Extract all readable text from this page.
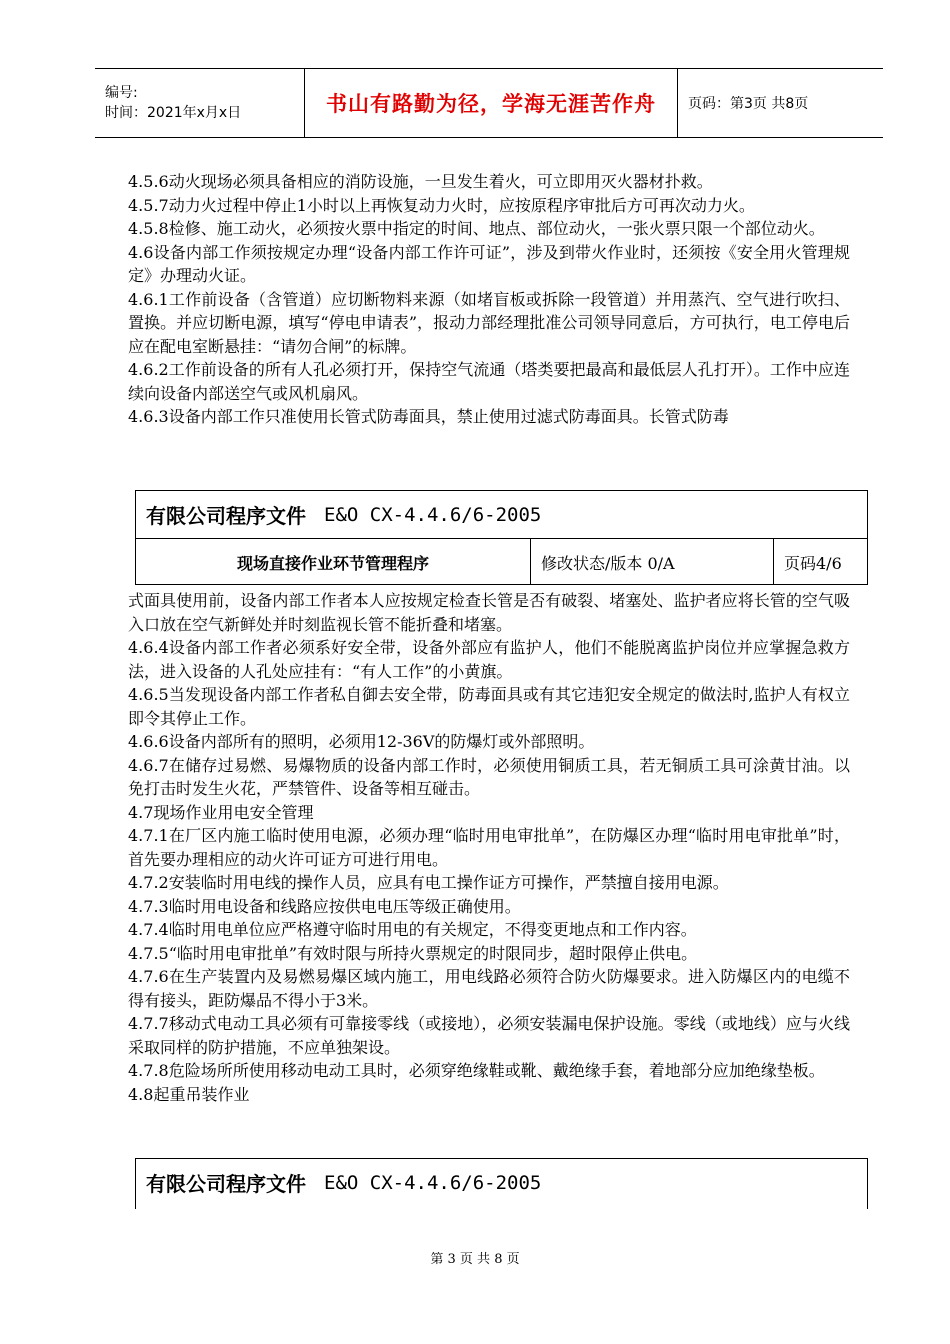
编号:
时间：2021年x月x日	书山有路勤为径，学海无涯苦作舟	页码：第3页 共8页

4.5.6动火现场必须具备相应的消防设施，一旦发生着火，可立即用灭火器材扑救。

4.5.7动力火过程中停止1小时以上再恢复动力火时，应按原程序审批后方可再次动力火。

4.5.8检修、施工动火，必须按火票中指定的时间、地点、部位动火，一张火票只限一个部位动火。

4.6设备内部工作须按规定办理“设备内部工作许可证”，涉及到带火作业时，还须按《安全用火管理规定》办理动火证。

4.6.1工作前设备（含管道）应切断物料来源（如堵盲板或拆除一段管道）并用蒸汽、空气进行吹扫、置换。并应切断电源，填写“停电申请表”，报动力部经理批准公司领导同意后，方可执行，电工停电后应在配电室断悬挂：“请勿合闸”的标牌。

4.6.2工作前设备的所有人孔必须打开，保持空气流通（塔类要把最高和最低层人孔打开）。工作中应连续向设备内部送空气或风机扇风。

4.6.3设备内部工作只准使用长管式防毒面具，禁止使用过滤式防毒面具。长管式防毒

有限公司程序文件 E&O CX-4.4.6/6-2005
现场直接作业环节管理程序	修改状态/版本 0/A	页码4/6

式面具使用前，设备内部工作者本人应按规定检查长管是否有破裂、堵塞处、监护者应将长管的空气吸入口放在空气新鲜处并时刻监视长管不能折叠和堵塞。

4.6.4设备内部工作者必须系好安全带，设备外部应有监护人，他们不能脱离监护岗位并应掌握急救方法，进入设备的人孔处应挂有：“有人工作”的小黄旗。

4.6.5当发现设备内部工作者私自御去安全带，防毒面具或有其它违犯安全规定的做法时,监护人有权立即令其停止工作。

4.6.6设备内部所有的照明，必须用12-36V的防爆灯或外部照明。

4.6.7在储存过易燃、易爆物质的设备内部工作时，必须使用铜质工具，若无铜质工具可涂黄甘油。以免打击时发生火花，严禁管件、设备等相互碰击。

4.7现场作业用电安全管理

4.7.1在厂区内施工临时使用电源，必须办理“临时用电审批单”，在防爆区办理“临时用电审批单”时，首先要办理相应的动火许可证方可进行用电。

4.7.2安装临时用电线的操作人员，应具有电工操作证方可操作，严禁擅自接用电源。

4.7.3临时用电设备和线路应按供电电压等级正确使用。

4.7.4临时用电单位应严格遵守临时用电的有关规定，不得变更地点和工作内容。

4.7.5“临时用电审批单”有效时限与所持火票规定的时限同步，超时限停止供电。

4.7.6在生产装置内及易燃易爆区域内施工，用电线路必须符合防火防爆要求。进入防爆区内的电缆不得有接头，距防爆品不得小于3米。

4.7.7移动式电动工具必须有可靠接零线（或接地），必须安装漏电保护设施。零线（或地线）应与火线采取同样的防护措施，不应单独架设。

4.7.8危险场所所使用移动电动工具时，必须穿绝缘鞋或靴、戴绝缘手套，着地部分应加绝缘垫板。

4.8起重吊装作业

有限公司程序文件 E&O CX-4.4.6/6-2005
第 3 页 共 8 页
